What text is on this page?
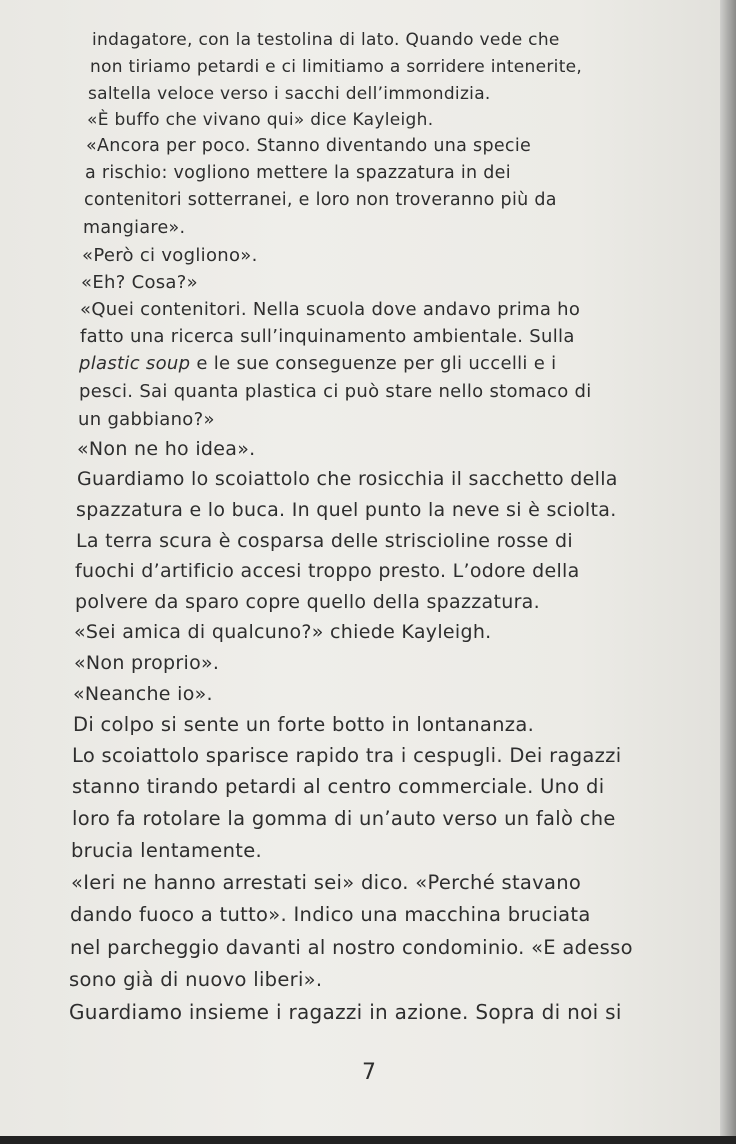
indagatore, con la testolina di lato. Quando vede che
non tiriamo petardi e ci limitiamo a sorridere intenerite,
saltella veloce verso i sacchi dell’immondizia.
«È buffo che vivano qui» dice Kayleigh.
«Ancora per poco. Stanno diventando una specie
a rischio: vogliono mettere la spazzatura in dei
contenitori sotterranei, e loro non troveranno più da
mangiare».
«Però ci vogliono».
«Eh? Cosa?»
«Quei contenitori. Nella scuola dove andavo prima ho
fatto una ricerca sull’inquinamento ambientale. Sulla
plastic soup e le sue conseguenze per gli uccelli e i
pesci. Sai quanta plastica ci può stare nello stomaco di
un gabbiano?»
«Non ne ho idea».
Guardiamo lo scoiattolo che rosicchia il sacchetto della
spazzatura e lo buca. In quel punto la neve si è sciolta.
La terra scura è cosparsa delle striscioline rosse di
fuochi d’artificio accesi troppo presto. L’odore della
polvere da sparo copre quello della spazzatura.
«Sei amica di qualcuno?» chiede Kayleigh.
«Non proprio».
«Neanche io».
Di colpo si sente un forte botto in lontananza.
Lo scoiattolo sparisce rapido tra i cespugli. Dei ragazzi
stanno tirando petardi al centro commerciale. Uno di
loro fa rotolare la gomma di un’auto verso un falò che
brucia lentamente.
«Ieri ne hanno arrestati sei» dico. «Perché stavano
dando fuoco a tutto». Indico una macchina bruciata
nel parcheggio davanti al nostro condominio. «E adesso
sono già di nuovo liberi».
Guardiamo insieme i ragazzi in azione. Sopra di noi si
7
